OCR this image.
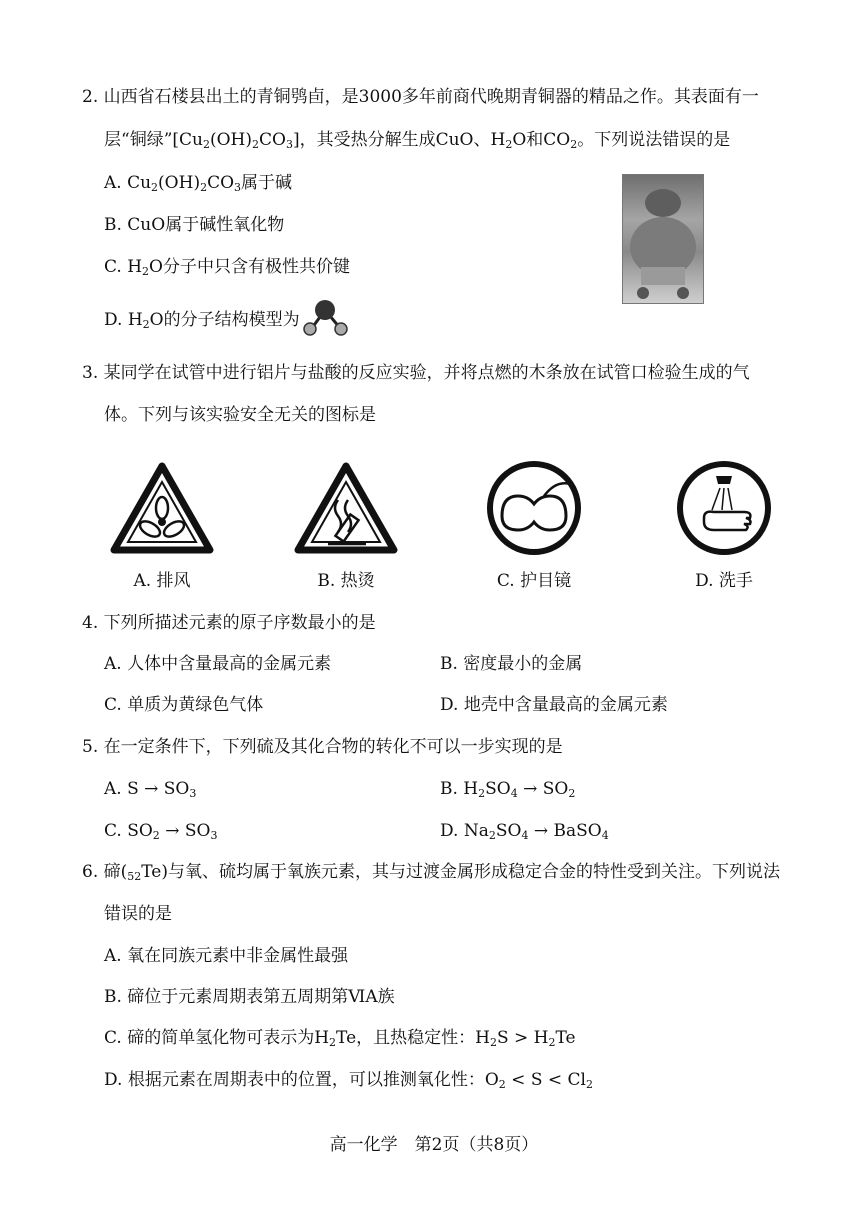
2. 山西省石楼县出土的青铜鸮卣，是3000多年前商代晚期青铜器的精品之作。其表面有一
层“铜绿$”[Cu_2(OH)_2CO_3]$，其受热分解生成CuO、$H_2O$和$CO_2$。下列说法错误的是
A. $Cu_2(OH)_2CO_3$属于碱
B. CuO属于碱性氧化物
C. $H_2O$分子中只含有极性共价键
D. $H_2O$的分子结构模型为
3. 某同学在试管中进行铝片与盐酸的反应实验，并将点燃的木条放在试管口检验生成的气
体。下列与该实验安全无关的图标是
A. 排风	B. 热烫	C. 护目镜	D. 洗手
4. 下列所描述元素的原子序数最小的是
A. 人体中含量最高的金属元素	B. 密度最小的金属
C. 单质为黄绿色气体	D. 地壳中含量最高的金属元素
5. 在一定条件下，下列硫及其化合物的转化不可以一步实现的是
A. $S \to SO_3$	B. $H_2SO_4 \to SO_2$
C. $SO_2 \to SO_3$	D. $Na_2SO_4$ → BaSO$_4$
6. 碲$(_{52}Te)$与氧、硫均属于氧族元素，其与过渡金属形成稳定合金的特性受到关注。下列说法
错误的是
A. 氧在同族元素中非金属性最强
B. 碲位于元素周期表第五周期第ⅥA族
C. 碲的简单氢化物可表示为$H_2Te$，且热稳定性：$H_2S > H_2Te$
D. 根据元素在周期表中的位置，可以推测氧化性：$O_2 < S < Cl_2$
高一化学　第2页（共8页）
